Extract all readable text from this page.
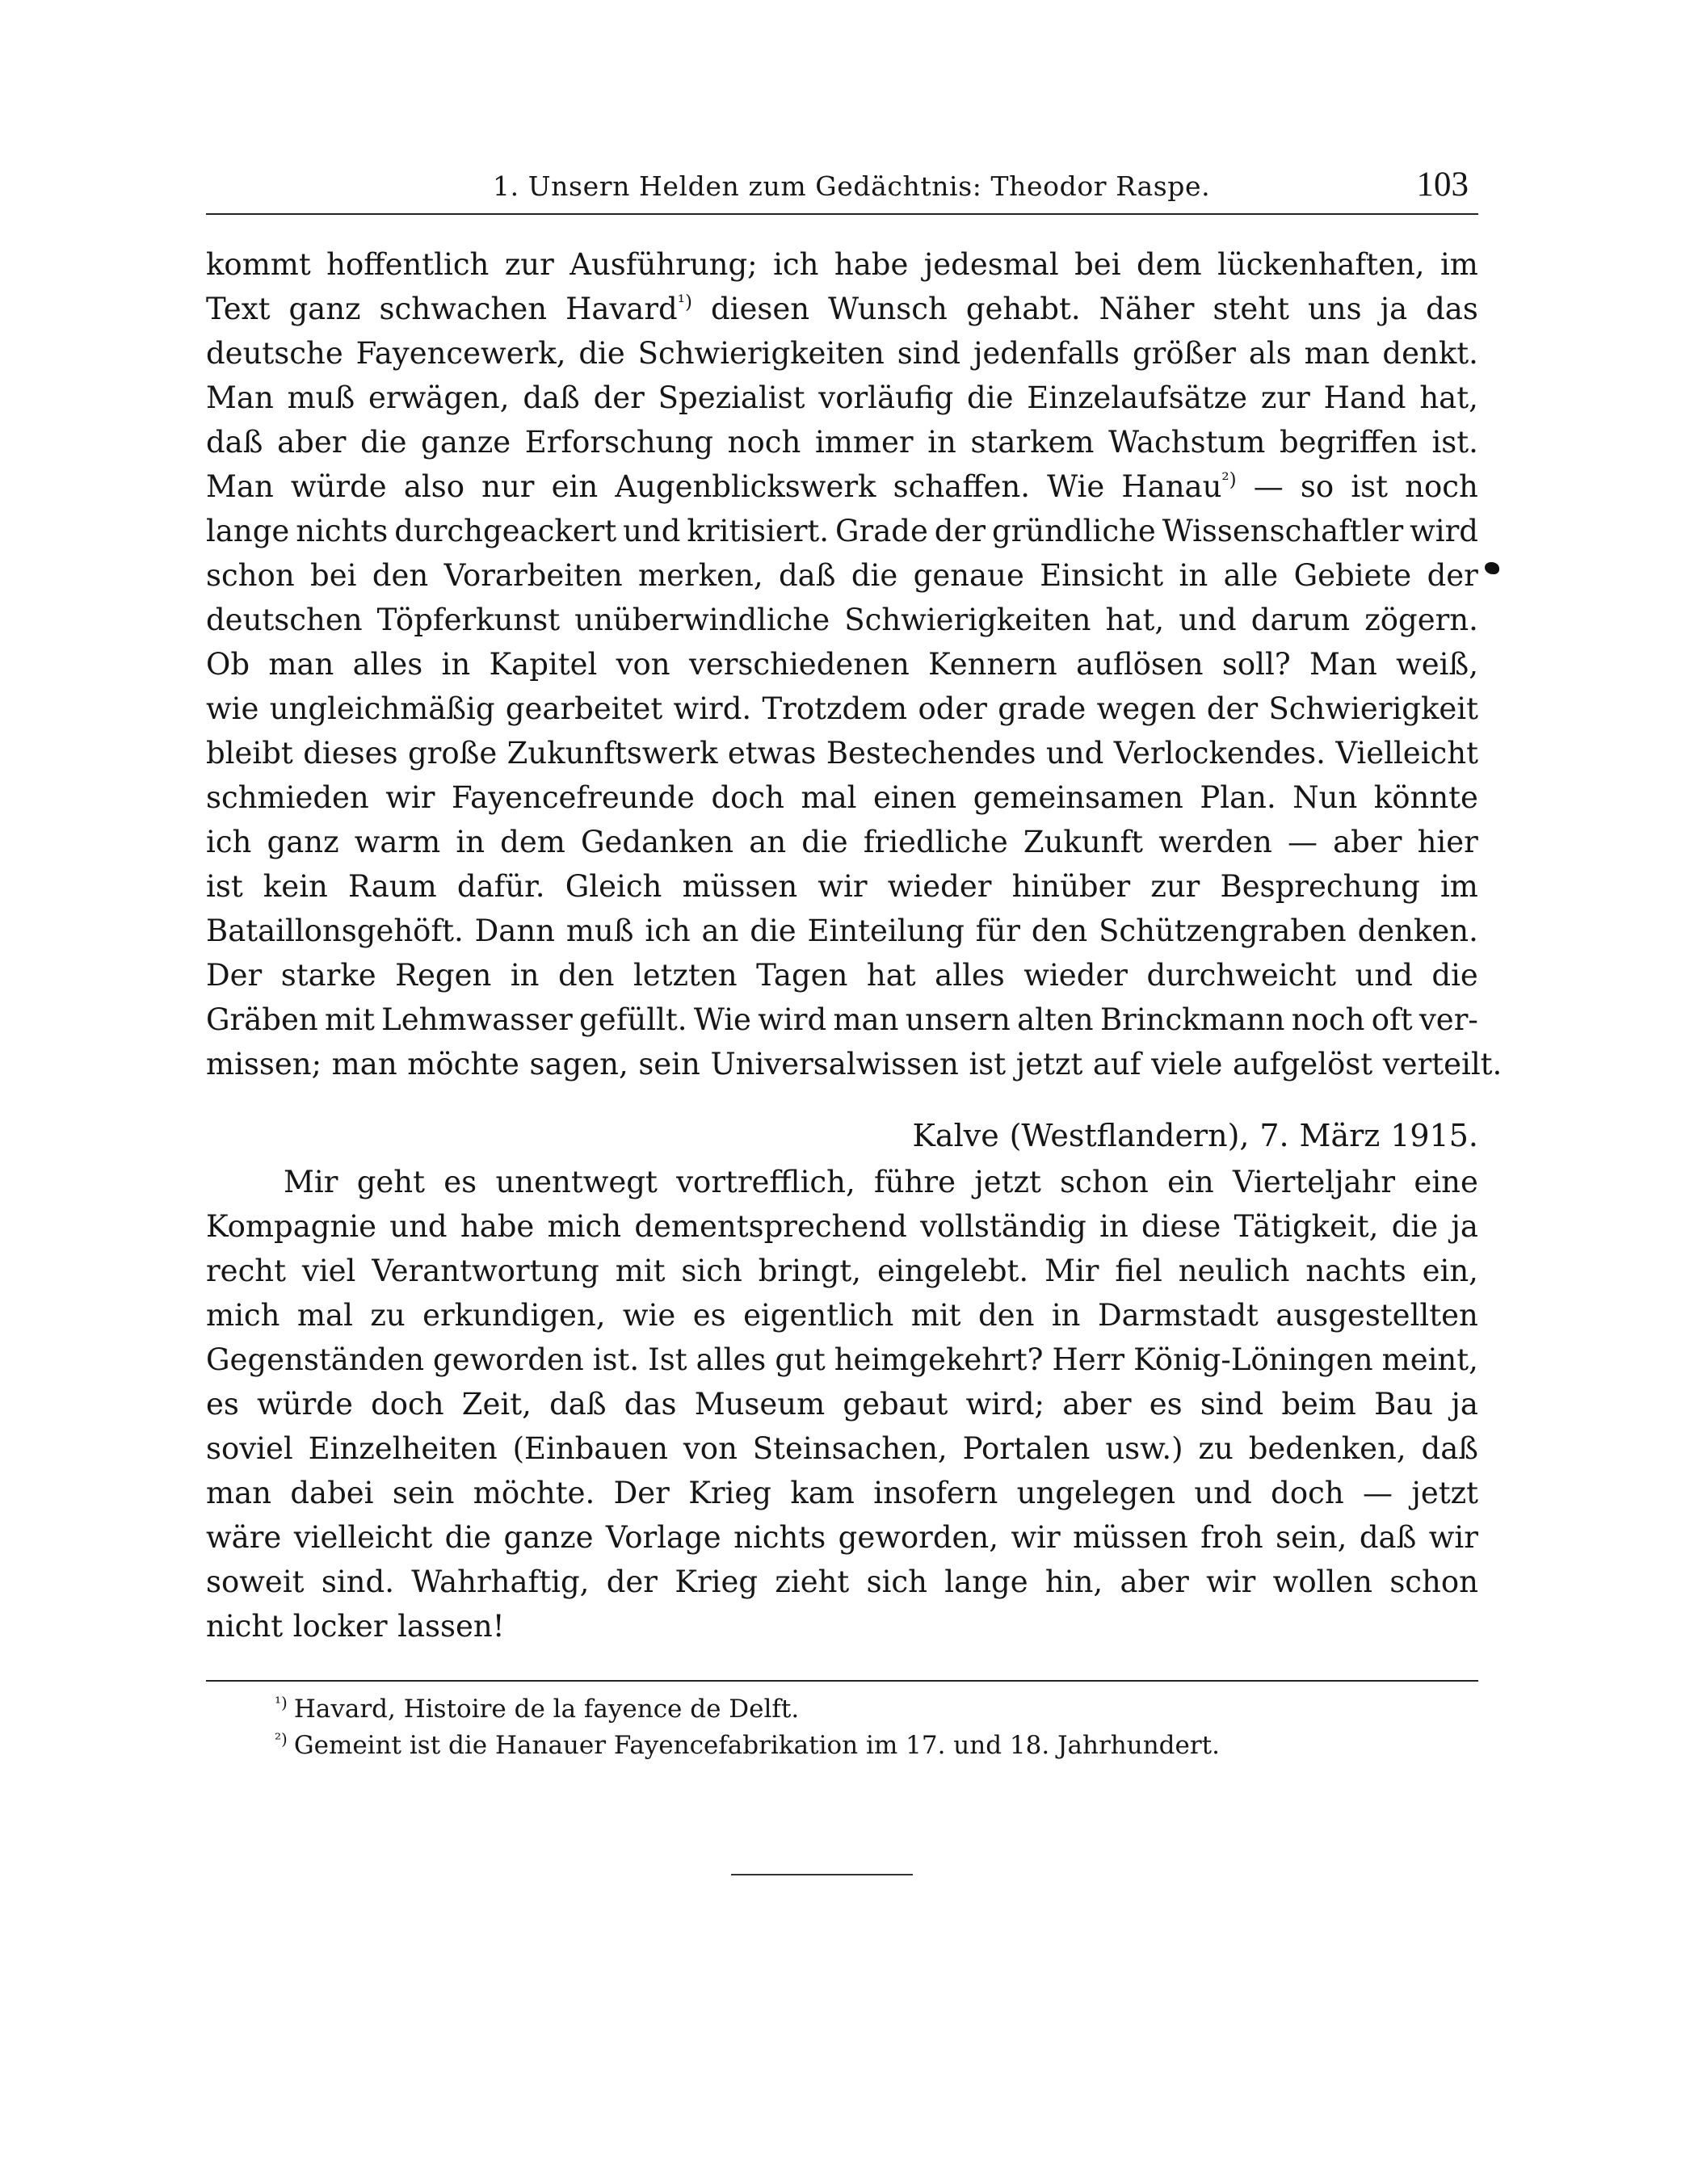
1. Unsern Helden zum Gedächtnis: Theodor Raspe.	103
kommt hoffentlich zur Ausführung; ich habe jedesmal bei dem lückenhaften, im
Text ganz schwachen Havard$^{^1)}$ diesen Wunsch gehabt. Näher steht uns ja das
deutsche Fayencewerk, die Schwierigkeiten sind jedenfalls größer als man denkt.
Man muß erwägen, daß der Spezialist vorläufig die Einzelaufsätze zur Hand hat,
daß aber die ganze Erforschung noch immer in starkem Wachstum begriffen ist.
Man würde also nur ein Augenblickswerk schaffen. Wie Hanau$^{^2)}$ — so ist noch
lange nichts durchgeackert und kritisiert. Grade der gründliche Wissenschaftler wird
schon bei den Vorarbeiten merken, daß die genaue Einsicht in alle Gebiete der
deutschen Töpferkunst unüberwindliche Schwierigkeiten hat, und darum zögern.
Ob man alles in Kapitel von verschiedenen Kennern auflösen soll? Man weiß,
wie ungleichmäßig gearbeitet wird. Trotzdem oder grade wegen der Schwierigkeit
bleibt dieses große Zukunftswerk etwas Bestechendes und Verlockendes. Vielleicht
schmieden wir Fayencefreunde doch mal einen gemeinsamen Plan. Nun könnte
ich ganz warm in dem Gedanken an die friedliche Zukunft werden — aber hier
ist kein Raum dafür. Gleich müssen wir wieder hinüber zur Besprechung im
Bataillonsgehöft. Dann muß ich an die Einteilung für den Schützengraben denken.
Der starke Regen in den letzten Tagen hat alles wieder durchweicht und die
Gräben mit Lehmwasser gefüllt. Wie wird man unsern alten Brinckmann noch oft ver-
missen; man möchte sagen, sein Universalwissen ist jetzt auf viele aufgelöst verteilt.
Kalve (Westflandern), 7. März 1915.
Mir geht es unentwegt vortrefflich, führe jetzt schon ein Vierteljahr eine
Kompagnie und habe mich dementsprechend vollständig in diese Tätigkeit, die ja
recht viel Verantwortung mit sich bringt, eingelebt. Mir fiel neulich nachts ein,
mich mal zu erkundigen, wie es eigentlich mit den in Darmstadt ausgestellten
Gegenständen geworden ist. Ist alles gut heimgekehrt? Herr König-Löningen meint,
es würde doch Zeit, daß das Museum gebaut wird; aber es sind beim Bau ja
soviel Einzelheiten (Einbauen von Steinsachen, Portalen usw.) zu bedenken, daß
man dabei sein möchte. Der Krieg kam insofern ungelegen und doch — jetzt
wäre vielleicht die ganze Vorlage nichts geworden, wir müssen froh sein, daß wir
soweit sind. Wahrhaftig, der Krieg zieht sich lange hin, aber wir wollen schon
nicht locker lassen!
$^{^1)}$ Havard, Histoire de la fayence de Delft.
$^{^2)}$ Gemeint ist die Hanauer Fayencefabrikation im 17. und 18. Jahrhundert.
